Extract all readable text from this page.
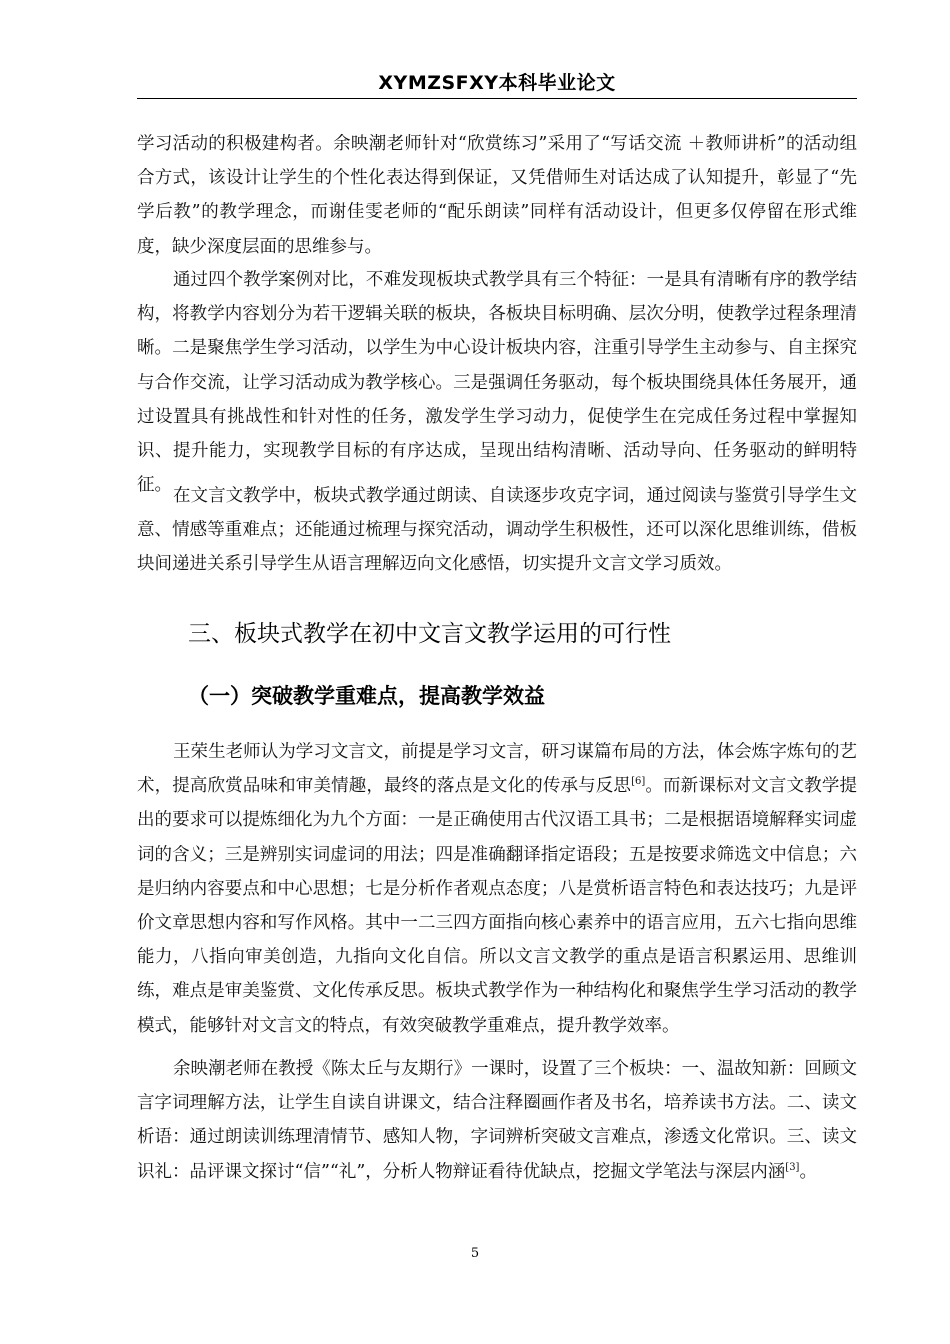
XYMZSFXY本科毕业论文

学习活动的积极建构者。余映潮老师针对“欣赏练习”采用了“写话交流 ＋教师讲析”的活动组合方式，该设计让学生的个性化表达得到保证，又凭借师生对话达成了认知提升，彰显了“先学后教”的教学理念，而谢佳雯老师的“配乐朗读”同样有活动设计，但更多仅停留在形式维度，缺少深度层面的思维参与。

通过四个教学案例对比，不难发现板块式教学具有三个特征：一是具有清晰有序的教学结构，将教学内容划分为若干逻辑关联的板块，各板块目标明确、层次分明，使教学过程条理清晰。二是聚焦学生学习活动，以学生为中心设计板块内容，注重引导学生主动参与、自主探究与合作交流，让学习活动成为教学核心。三是强调任务驱动，每个板块围绕具体任务展开，通过设置具有挑战性和针对性的任务，激发学生学习动力，促使学生在完成任务过程中掌握知识、提升能力，实现教学目标的有序达成，呈现出结构清晰、活动导向、任务驱动的鲜明特征。

在文言文教学中，板块式教学通过朗读、自读逐步攻克字词，通过阅读与鉴赏引导学生文意、情感等重难点；还能通过梳理与探究活动，调动学生积极性，还可以深化思维训练，借板块间递进关系引导学生从语言理解迈向文化感悟，切实提升文言文学习质效。

三、板块式教学在初中文言文教学运用的可行性
（一）突破教学重难点，提高教学效益

王荣生老师认为学习文言文，前提是学习文言，研习谋篇布局的方法，体会炼字炼句的艺术，提高欣赏品味和审美情趣，最终的落点是文化的传承与反思[6]。而新课标对文言文教学提出的要求可以提炼细化为九个方面：一是正确使用古代汉语工具书；二是根据语境解释实词虚词的含义；三是辨别实词虚词的用法；四是准确翻译指定语段；五是按要求筛选文中信息；六是归纳内容要点和中心思想；七是分析作者观点态度；八是赏析语言特色和表达技巧；九是评价文章思想内容和写作风格。其中一二三四方面指向核心素养中的语言应用，五六七指向思维能力，八指向审美创造，九指向文化自信。所以文言文教学的重点是语言积累运用、思维训练，难点是审美鉴赏、文化传承反思。板块式教学作为一种结构化和聚焦学生学习活动的教学模式，能够针对文言文的特点，有效突破教学重难点，提升教学效率。

余映潮老师在教授《陈太丘与友期行》一课时，设置了三个板块：一、温故知新：回顾文言字词理解方法，让学生自读自讲课文，结合注释圈画作者及书名，培养读书方法。二、读文析语：通过朗读训练理清情节、感知人物，字词辨析突破文言难点，渗透文化常识。三、读文识礼：品评课文探讨“信”“礼”，分析人物辩证看待优缺点，挖掘文学笔法与深层内涵[3]。

5
